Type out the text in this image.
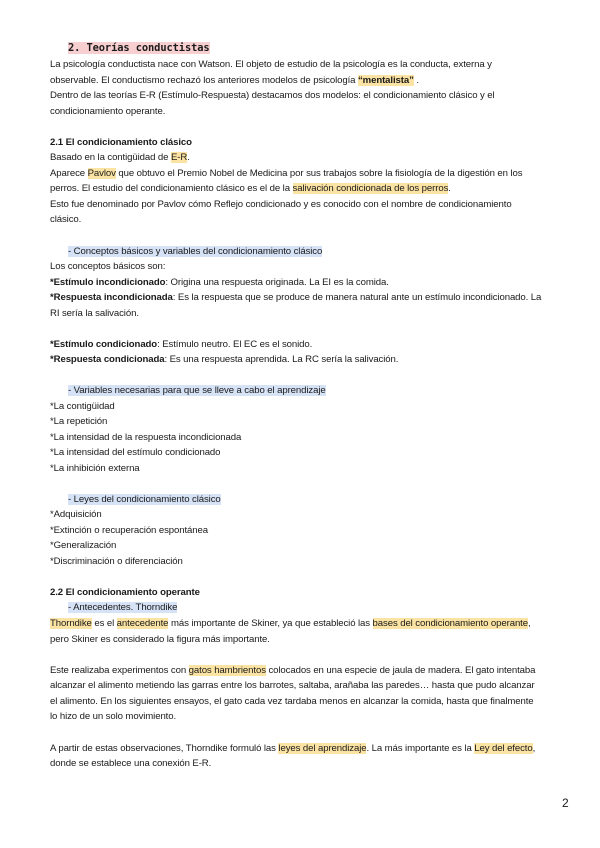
2. Teorías conductistas
La psicología conductista nace con Watson. El objeto de estudio de la psicología es la conducta, externa y
observable. El conductismo rechazó los anteriores modelos de psicología “mentalista” .
Dentro de las teorías E-R (Estímulo-Respuesta) destacamos dos modelos: el condicionamiento clásico y el
condicionamiento operante.
2.1 El condicionamiento clásico
Basado en la contigüidad de E-R.
Aparece Pavlov que obtuvo el Premio Nobel de Medicina por sus trabajos sobre la fisiología de la digestión en los
perros. El estudio del condicionamiento clásico es el de la salivación condicionada de los perros.
Esto fue denominado por Pavlov cómo Reflejo condicionado y es conocido con el nombre de condicionamiento
clásico.
- Conceptos básicos y variables del condicionamiento clásico
Los conceptos básicos son:
*Estímulo incondicionado: Origina una respuesta originada. La EI es la comida.
*Respuesta incondicionada: Es la respuesta que se produce de manera natural ante un estímulo incondicionado. La
RI sería la salivación.
*Estímulo condicionado: Estímulo neutro. El EC es el sonido.
*Respuesta condicionada: Es una respuesta aprendida. La RC sería la salivación.
- Variables necesarias para que se lleve a cabo el aprendizaje
*La contigüidad
*La repetición
*La intensidad de la respuesta incondicionada
*La intensidad del estímulo condicionado
*La inhibición externa
- Leyes del condicionamiento clásico
*Adquisición
*Extinción o recuperación espontánea
*Generalización
*Discriminación o diferenciación
2.2 El condicionamiento operante
- Antecedentes. Thorndike
Thorndike es el antecedente más importante de Skiner, ya que estableció las bases del condicionamiento operante,
pero Skiner es considerado la figura más importante.
Este realizaba experimentos con gatos hambrientos colocados en una especie de jaula de madera. El gato intentaba
alcanzar el alimento metiendo las garras entre los barrotes, saltaba, arañaba las paredes… hasta que pudo alcanzar
el alimento. En los siguientes ensayos, el gato cada vez tardaba menos en alcanzar la comida, hasta que finalmente
lo hizo de un solo movimiento.
A partir de estas observaciones, Thorndike formuló las leyes del aprendizaje. La más importante es la Ley del efecto,
donde se establece una conexión E-R.
2
